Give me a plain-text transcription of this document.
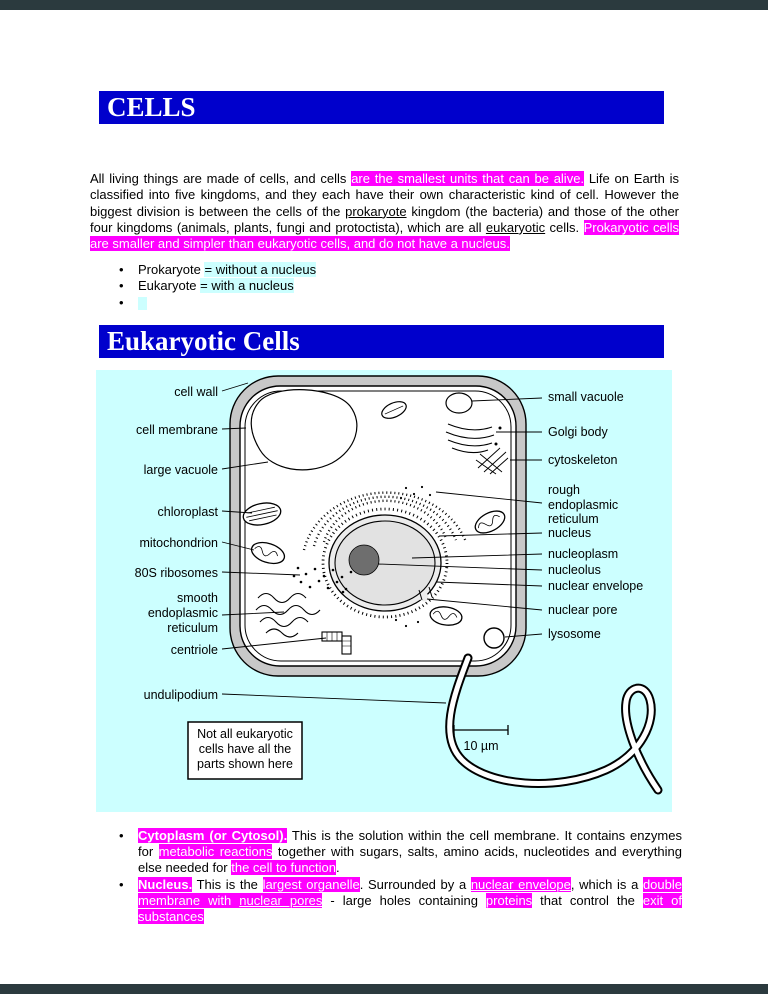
CELLS

All living things are made of cells, and cells are the smallest units that can be alive. Life on Earth is classified into five kingdoms, and they each have their own characteristic kind of cell. However the biggest division is between the cells of the prokaryote kingdom (the bacteria) and those of the other four kingdoms (animals, plants, fungi and protoctista), which are all eukaryotic cells. Prokaryotic cells are smaller and simpler than eukaryotic cells, and do not have a nucleus.

• Prokaryote = without a nucleus
• Eukaryote = with a nucleus
•
Eukaryotic Cells
Not all eukaryotic
cells have all the
parts shown here
10 µm
cell wall
cell membrane
large vacuole
chloroplast
mitochondrion
80S ribosomes
smooth
endoplasmic
reticulum
centriole
undulipodium
small vacuole
Golgi body
cytoskeleton
rough
endoplasmic
reticulum
nucleus
nucleoplasm
nucleolus
nuclear envelope
nuclear pore
lysosome
• Cytoplasm (or Cytosol). This is the solution within the cell membrane. It contains enzymes for metabolic reactions together with sugars, salts, amino acids, nucleotides and everything else needed for the cell to function.
• Nucleus. This is the largest organelle. Surrounded by a nuclear envelope, which is a double membrane with nuclear pores - large holes containing proteins that control the exit of substances
